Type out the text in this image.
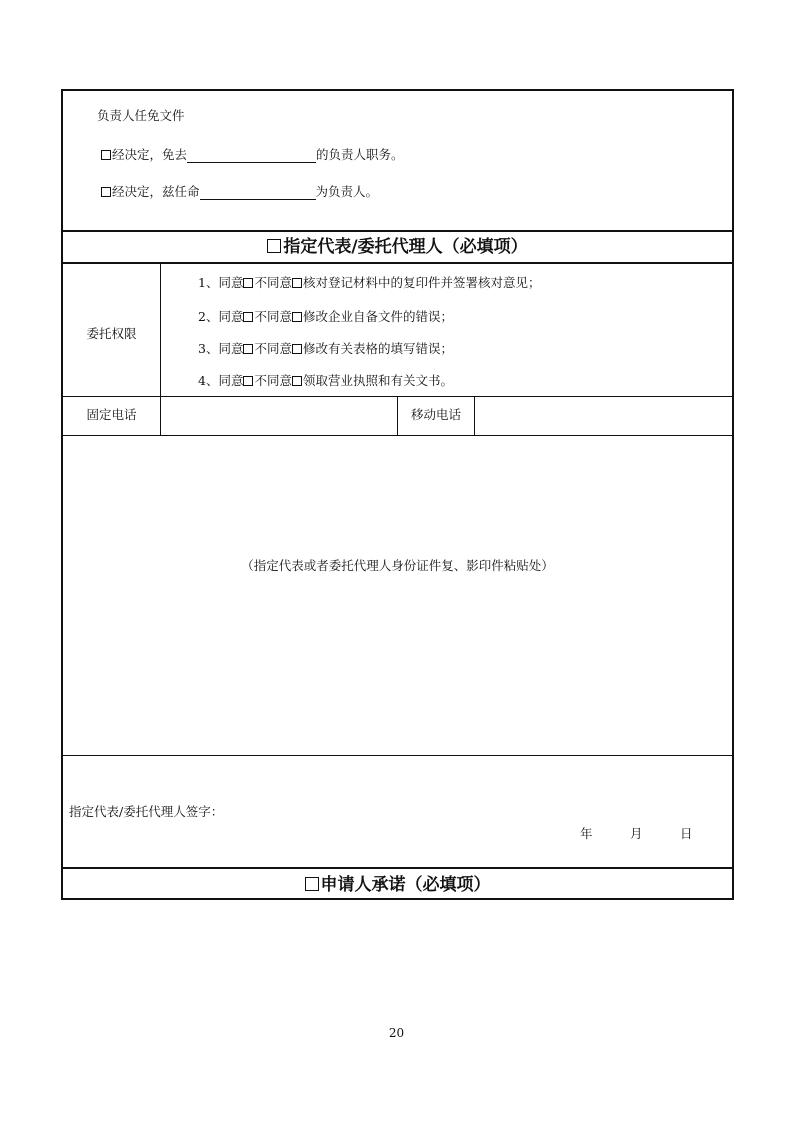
负责人任免文件
经决定，免去	的负责人职务。
经决定，兹任命	为负责人。
指定代表/委托代理人（必填项）
委托权限
1、同意 不同意 核对登记材料中的复印件并签署核对意见；
2、同意 不同意 修改企业自备文件的错误；
3、同意 不同意 修改有关表格的填写错误；
4、同意 不同意 领取营业执照和有关文书。
固定电话	移动电话
（指定代表或者委托代理人身份证件复、影印件粘贴处）
指定代表/委托代理人签字：
年	月	日
申请人承诺（必填项）
20
